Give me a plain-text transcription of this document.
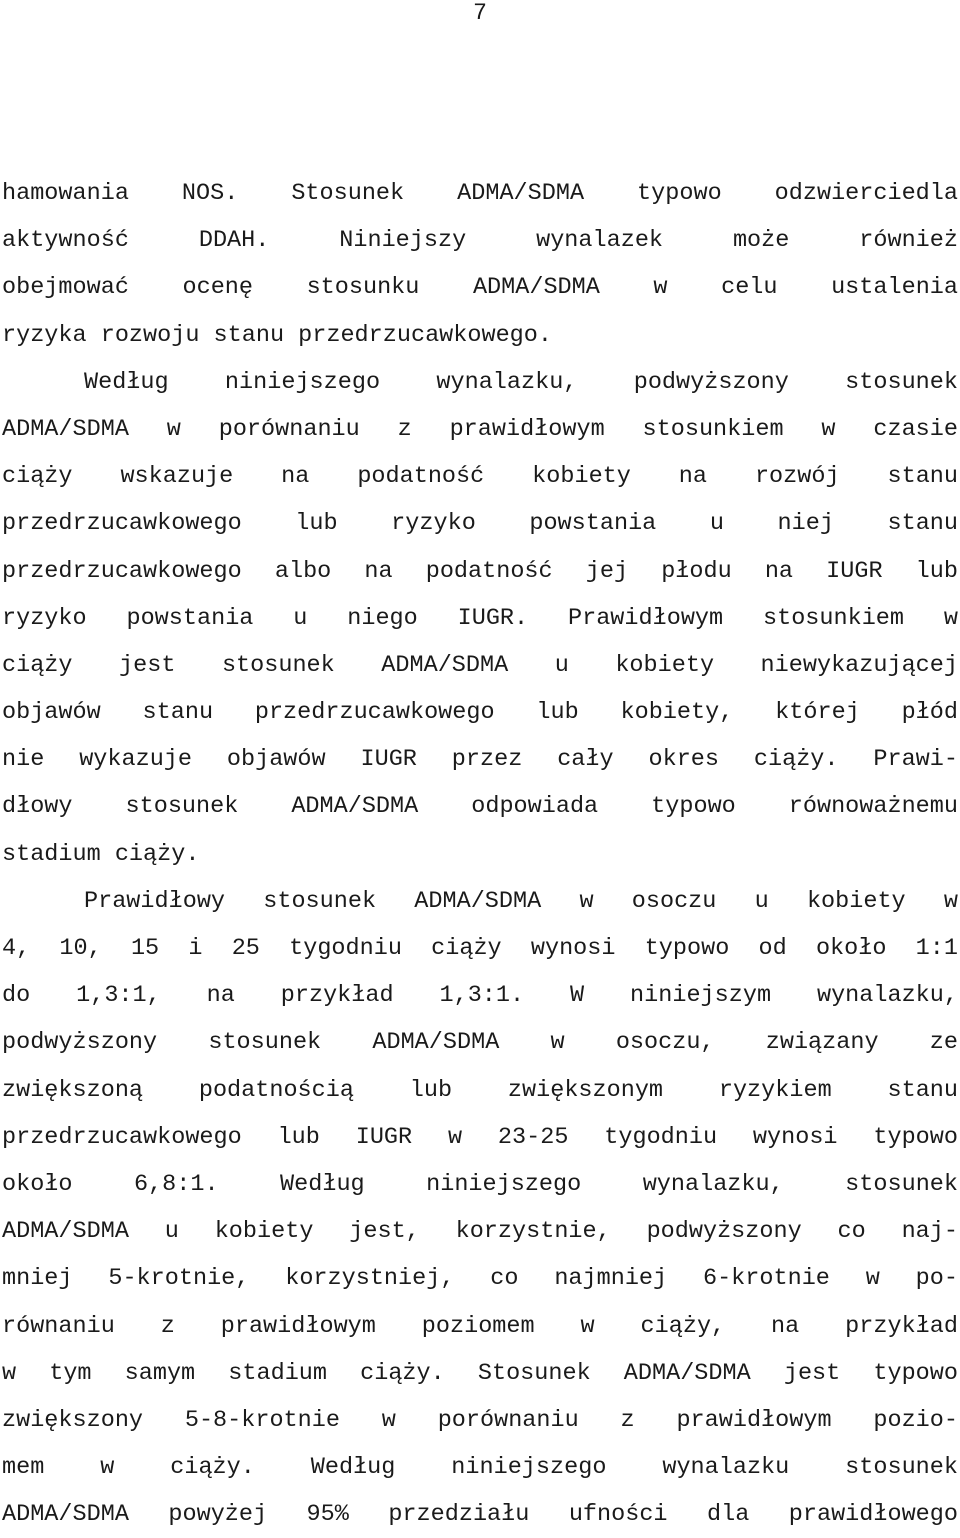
7
hamowania NOS. Stosunek ADMA/SDMA typowo odzwierciedla
aktywność DDAH. Niniejszy wynalazek może również
obejmować ocenę stosunku ADMA/SDMA w celu ustalenia
ryzyka rozwoju stanu przedrzucawkowego.
Według niniejszego wynalazku, podwyższony stosunek
ADMA/SDMA w porównaniu z prawidłowym stosunkiem w czasie
ciąży wskazuje na podatność kobiety na rozwój stanu
przedrzucawkowego lub ryzyko powstania u niej stanu
przedrzucawkowego albo na podatność jej płodu na IUGR lub
ryzyko powstania u niego IUGR. Prawidłowym stosunkiem w
ciąży jest stosunek ADMA/SDMA u kobiety niewykazującej
objawów stanu przedrzucawkowego lub kobiety, której płód
nie wykazuje objawów IUGR przez cały okres ciąży. Prawi-
dłowy stosunek ADMA/SDMA odpowiada typowo równoważnemu
stadium ciąży.
Prawidłowy stosunek ADMA/SDMA w osoczu u kobiety w
4, 10, 15 i 25 tygodniu ciąży wynosi typowo od około 1:1
do 1,3:1, na przykład 1,3:1. W niniejszym wynalazku,
podwyższony stosunek ADMA/SDMA w osoczu, związany ze
zwiększoną podatnością lub zwiększonym ryzykiem stanu
przedrzucawkowego lub IUGR w 23-25 tygodniu wynosi typowo
około 6,8:1. Według niniejszego wynalazku, stosunek
ADMA/SDMA u kobiety jest, korzystnie, podwyższony co naj-
mniej 5-krotnie, korzystniej, co najmniej 6-krotnie w po-
równaniu z prawidłowym poziomem w ciąży, na przykład
w tym samym stadium ciąży. Stosunek ADMA/SDMA jest typowo
zwiększony 5-8-krotnie w porównaniu z prawidłowym pozio-
mem w ciąży. Według niniejszego wynalazku stosunek
ADMA/SDMA powyżej 95% przedziału ufności dla prawidłowego
